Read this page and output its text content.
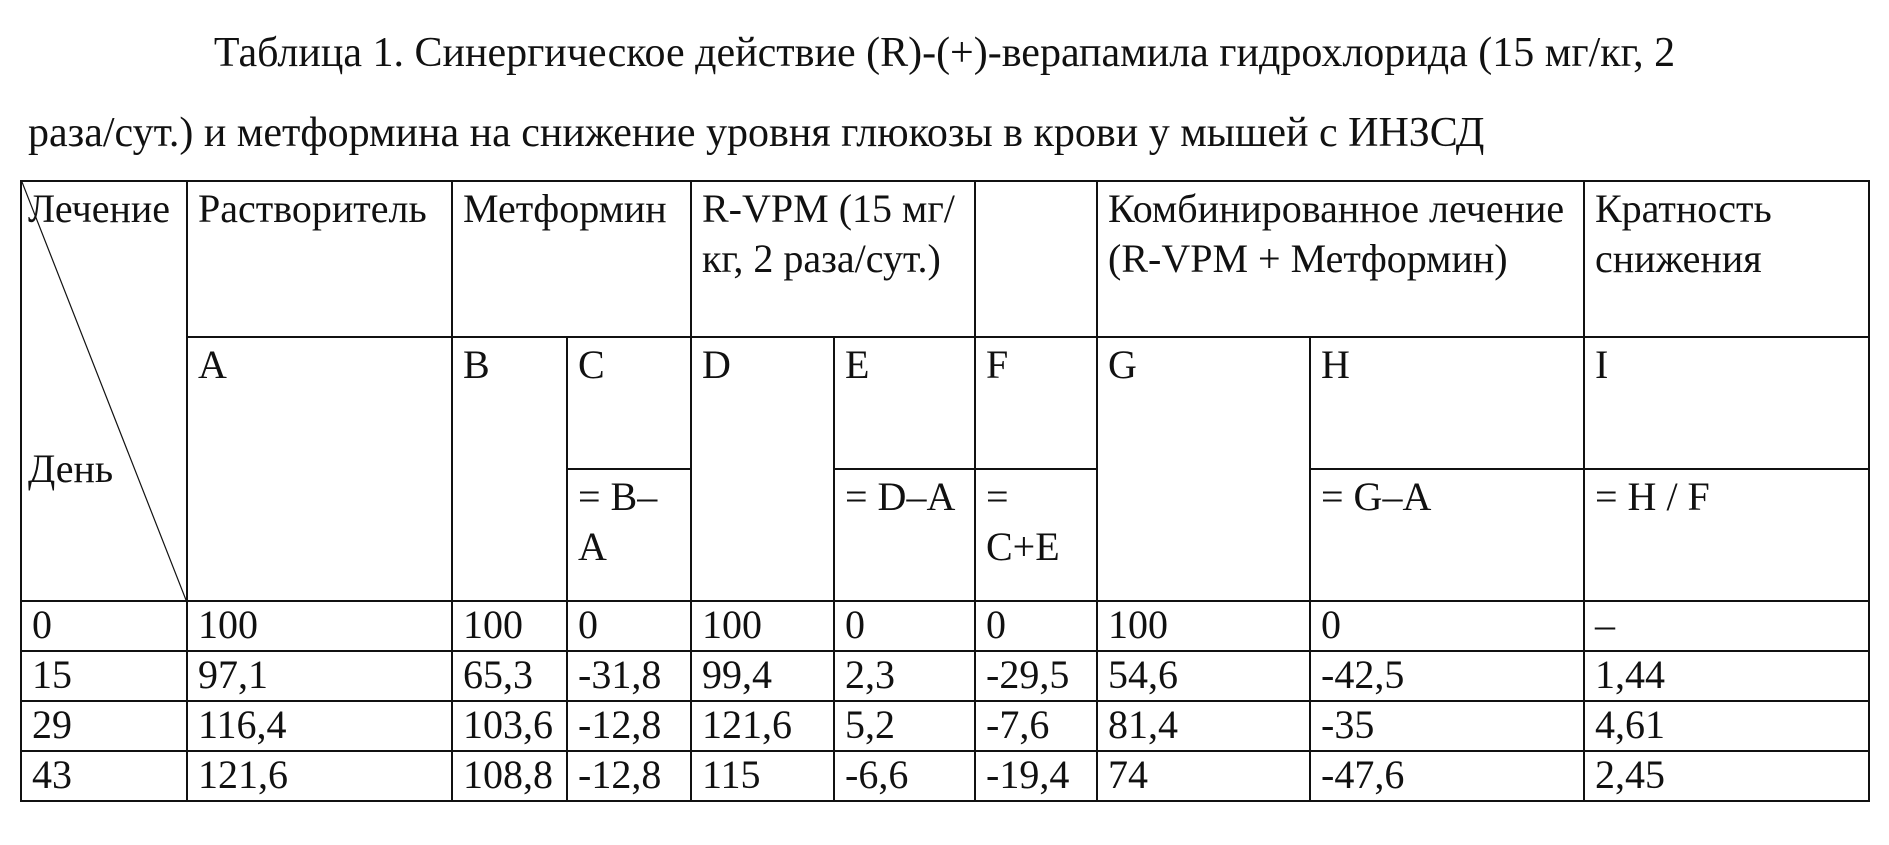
Таблица 1. Синергическое действие (R)-(+)-верапамила гидрохлорида (15 мг/кг, 2
раза/сут.) и метформина на снижение уровня глюкозы в крови у мышей с ИНЗСД
Лечение
День	Растворитель	Метформин		R-VPM (15 мг/кг, 2 раза/сут.)			Комбинированное лечение (R-VPM + Метформин)		Кратность снижения
	A	B	C	D	E	F	G	H	I
			= B– A		= D–A	= C+E		= G–A	= H / F
0	100	100	0	100	0	0	100	0	–
15	97,1	65,3	-31,8	99,4	2,3	-29,5	54,6	-42,5	1,44
29	116,4	103,6	-12,8	121,6	5,2	-7,6	81,4	-35	4,61
43	121,6	108,8	-12,8	115	-6,6	-19,4	74	-47,6	2,45
